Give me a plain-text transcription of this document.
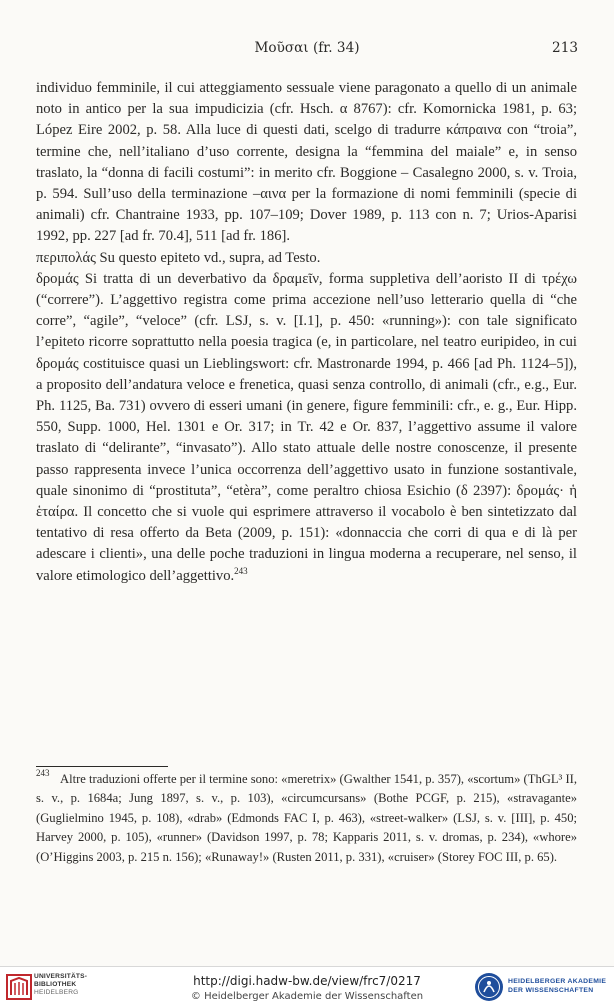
Μοῦσαι (fr. 34)	213

individuo femminile, il cui atteggiamento sessuale viene paragonato a quello di un animale noto in antico per la sua impudicizia (cfr. Hsch. α 8767): cfr. Komornicka 1981, p. 63; López Eire 2002, p. 58. Alla luce di questi dati, scelgo di tradurre κάπραινα con “troia”, termine che, nell’italiano d’uso corrente, designa la “femmina del maiale” e, in senso traslato, la “donna di facili costumi”: in merito cfr. Boggione – Casalegno 2000, s. v. Troia, p. 594. Sull’uso della terminazione –αινα per la formazione di nomi femminili (specie di animali) cfr. Chantraine 1933, pp. 107–109; Dover 1989, p. 113 con n. 7; Urios-Aparisi 1992, pp. 227 [ad fr. 70.4], 511 [ad fr. 186].

περιπολάς Su questo epiteto vd., supra, ad Testo.

δρομάς Si tratta di un deverbativo da δραμεῖν, forma suppletiva dell’aoristo II di τρέχω (“correre”). L’aggettivo registra come prima accezione nell’uso letterario quella di “che corre”, “agile”, “veloce” (cfr. LSJ, s. v. [I.1], p. 450: «running»): con tale significato l’epiteto ricorre soprattutto nella poesia tragica (e, in particolare, nel teatro euripideo, in cui δρομάς costituisce quasi un Lieblingswort: cfr. Mastronarde 1994, p. 466 [ad Ph. 1124–5]), a proposito dell’andatura veloce e frenetica, quasi senza controllo, di animali (cfr., e.g., Eur. Ph. 1125, Ba. 731) ovvero di esseri umani (in genere, figure femminili: cfr., e. g., Eur. Hipp. 550, Supp. 1000, Hel. 1301 e Or. 317; in Tr. 42 e Or. 837, l’aggettivo assume il valore traslato di “delirante”, “invasato”). Allo stato attuale delle nostre conoscenze, il presente passo rappresenta invece l’unica occorrenza dell’aggettivo usato in funzione sostantivale, quale sinonimo di “prostituta”, “etèra”, come peraltro chiosa Esichio (δ 2397): δρομάς· ἡ ἑταίρα. Il concetto che si vuole qui esprimere attraverso il vocabolo è ben sintetizzato dal tentativo di resa offerto da Beta (2009, p. 151): «donnaccia che corri di qua e di là per adescare i clienti», una delle poche traduzioni in lingua moderna a recuperare, nel senso, il valore etimologico dell’aggettivo.$^{243}$

243 Altre traduzioni offerte per il termine sono: «meretrix» (Gwalther 1541, p. 357), «scortum» (ThGL³ II, s. v., p. 1684a; Jung 1897, s. v., p. 103), «circumcursans» (Bothe PCGF, p. 215), «stravagante» (Guglielmino 1945, p. 108), «drab» (Edmonds FAC I, p. 463), «street-walker» (LSJ, s. v. [III], p. 450; Harvey 2000, p. 105), «runner» (Davidson 1997, p. 78; Kapparis 2011, s. v. dromas, p. 234), «whore» (O’Higgins 2003, p. 215 n. 156); «Runaway!» (Rusten 2011, p. 331), «cruiser» (Storey FOC III, p. 65).
UNIVERSITÄTS-
BIBLIOTHEK
HEIDELBERG
http://digi.hadw-bw.de/view/frc7/0217
© Heidelberger Akademie der Wissenschaften
HEIDELBERGER AKADEMIE
DER WISSENSCHAFTEN
